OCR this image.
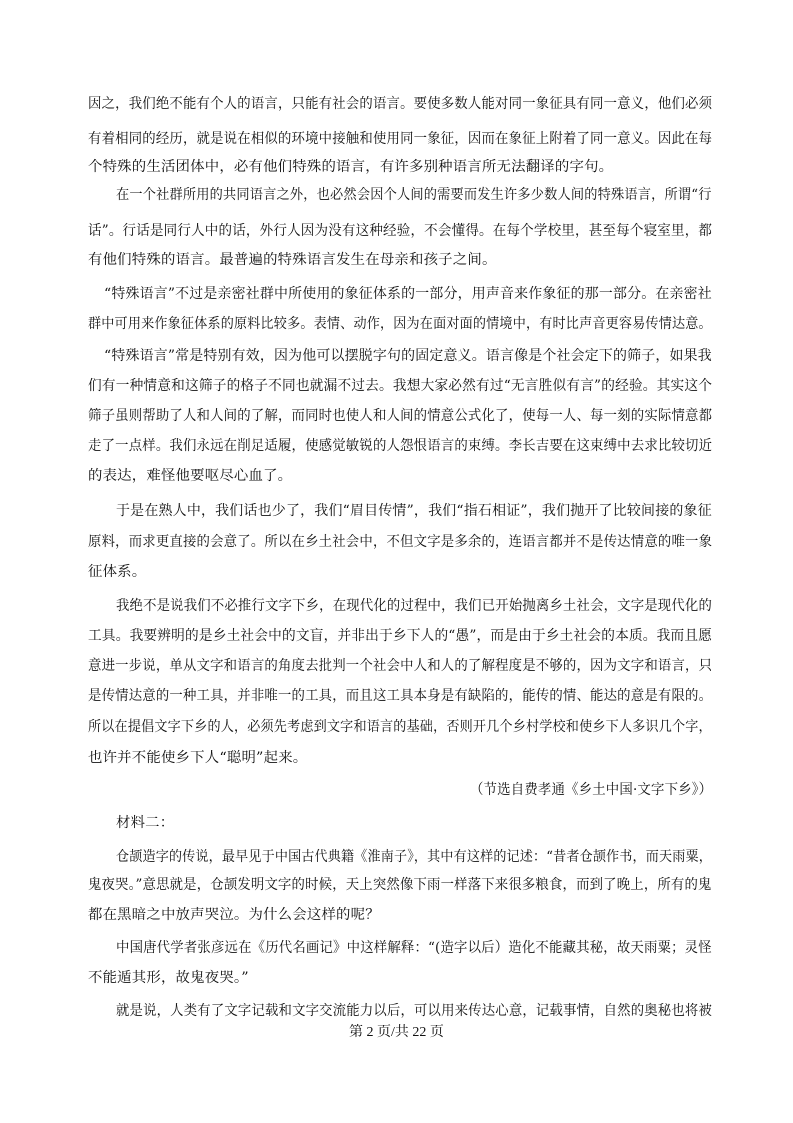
因之，我们绝不能有个人的语言，只能有社会的语言。要使多数人能对同一象征具有同一意义，他们必须
有着相同的经历，就是说在相似的环境中接触和使用同一象征，因而在象征上附着了同一意义。因此在每
个特殊的生活团体中，必有他们特殊的语言，有许多别种语言所无法翻译的字句。
在一个社群所用的共同语言之外，也必然会因个人间的需要而发生许多少数人间的特殊语言，所谓“行
话”。行话是同行人中的话，外行人因为没有这种经验，不会懂得。在每个学校里，甚至每个寝室里，都
有他们特殊的语言。最普遍的特殊语言发生在母亲和孩子之间。
“特殊语言”不过是亲密社群中所使用的象征体系的一部分，用声音来作象征的那一部分。在亲密社
群中可用来作象征体系的原料比较多。表情、动作，因为在面对面的情境中，有时比声音更容易传情达意。
“特殊语言”常是特别有效，因为他可以摆脱字句的固定意义。语言像是个社会定下的筛子，如果我
们有一种情意和这筛子的格子不同也就漏不过去。我想大家必然有过“无言胜似有言”的经验。其实这个
筛子虽则帮助了人和人间的了解，而同时也使人和人间的情意公式化了，使每一人、每一刻的实际情意都
走了一点样。我们永远在削足适履，使感觉敏锐的人怨恨语言的束缚。李长吉要在这束缚中去求比较切近
的表达，难怪他要呕尽心血了。
于是在熟人中，我们话也少了，我们“眉目传情”，我们“指石相证”，我们抛开了比较间接的象征
原料，而求更直接的会意了。所以在乡土社会中，不但文字是多余的，连语言都并不是传达情意的唯一象
征体系。
我绝不是说我们不必推行文字下乡，在现代化的过程中，我们已开始抛离乡土社会，文字是现代化的
工具。我要辨明的是乡土社会中的文盲，并非出于乡下人的“愚”，而是由于乡土社会的本质。我而且愿
意进一步说，单从文字和语言的角度去批判一个社会中人和人的了解程度是不够的，因为文字和语言，只
是传情达意的一种工具，并非唯一的工具，而且这工具本身是有缺陷的，能传的情、能达的意是有限的。
所以在提倡文字下乡的人，必须先考虑到文字和语言的基础，否则开几个乡村学校和使乡下人多识几个字，
也许并不能使乡下人“聪明”起来。
（节选自费孝通《乡土中国·文字下乡》）
材料二：
仓颉造字的传说，最早见于中国古代典籍《淮南子》，其中有这样的记述：“昔者仓颉作书，而天雨粟，
鬼夜哭。”意思就是，仓颉发明文字的时候，天上突然像下雨一样落下来很多粮食，而到了晚上，所有的鬼
都在黑暗之中放声哭泣。为什么会这样的呢？
中国唐代学者张彦远在《历代名画记》中这样解释：“(造字以后）造化不能藏其秘，故天雨粟；灵怪
不能遁其形，故鬼夜哭。”
就是说，人类有了文字记载和文字交流能力以后，可以用来传达心意，记载事情，自然的奥秘也将被
第 2 页/共 22 页
